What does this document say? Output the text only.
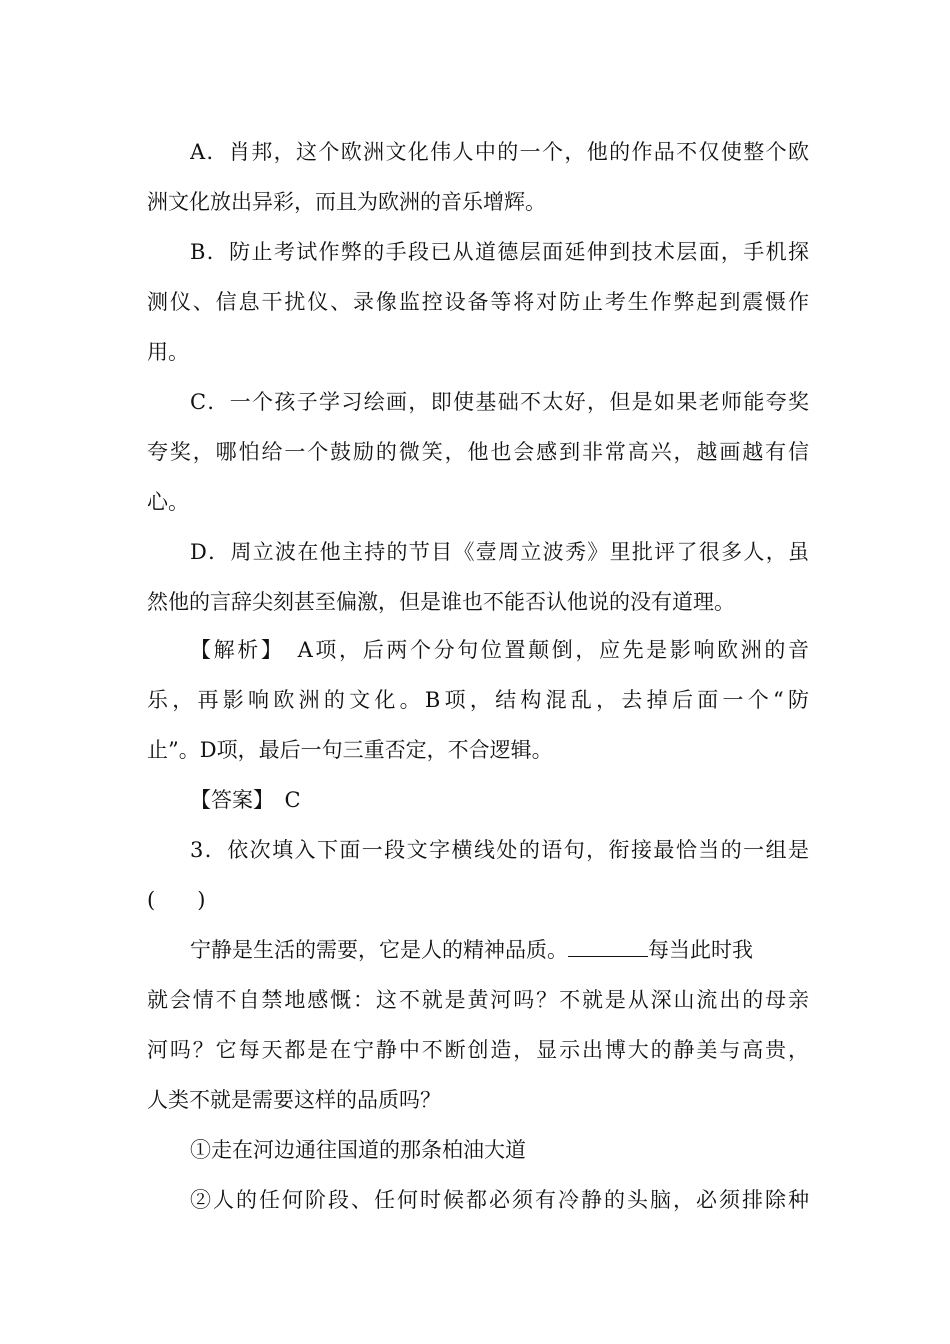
A．肖邦，这个欧洲文化伟人中的一个，他的作品不仅使整个欧
洲文化放出异彩，而且为欧洲的音乐增辉。
B．防止考试作弊的手段已从道德层面延伸到技术层面，手机探
测仪、信息干扰仪、录像监控设备等将对防止考生作弊起到震慑作
用。
C．一个孩子学习绘画，即使基础不太好，但是如果老师能夸奖
夸奖，哪怕给一个鼓励的微笑，他也会感到非常高兴，越画越有信
心。
D．周立波在他主持的节目《壹周立波秀》里批评了很多人，虽
然他的言辞尖刻甚至偏激，但是谁也不能否认他说的没有道理。
【解析】　A项，后两个分句位置颠倒，应先是影响欧洲的音
乐，再影响欧洲的文化。B项，结构混乱，去掉后面一个“防
止”。D项，最后一句三重否定，不合逻辑。
【答案】　C
3．依次填入下面一段文字横线处的语句，衔接最恰当的一组是
(　　)
宁静是生活的需要，它是人的精神品质。	每当此时我
就会情不自禁地感慨：这不就是黄河吗？不就是从深山流出的母亲
河吗？它每天都是在宁静中不断创造，显示出博大的静美与高贵，
人类不就是需要这样的品质吗？
①走在河边通往国道的那条柏油大道
②人的任何阶段、任何时候都必须有冷静的头脑，必须排除种
